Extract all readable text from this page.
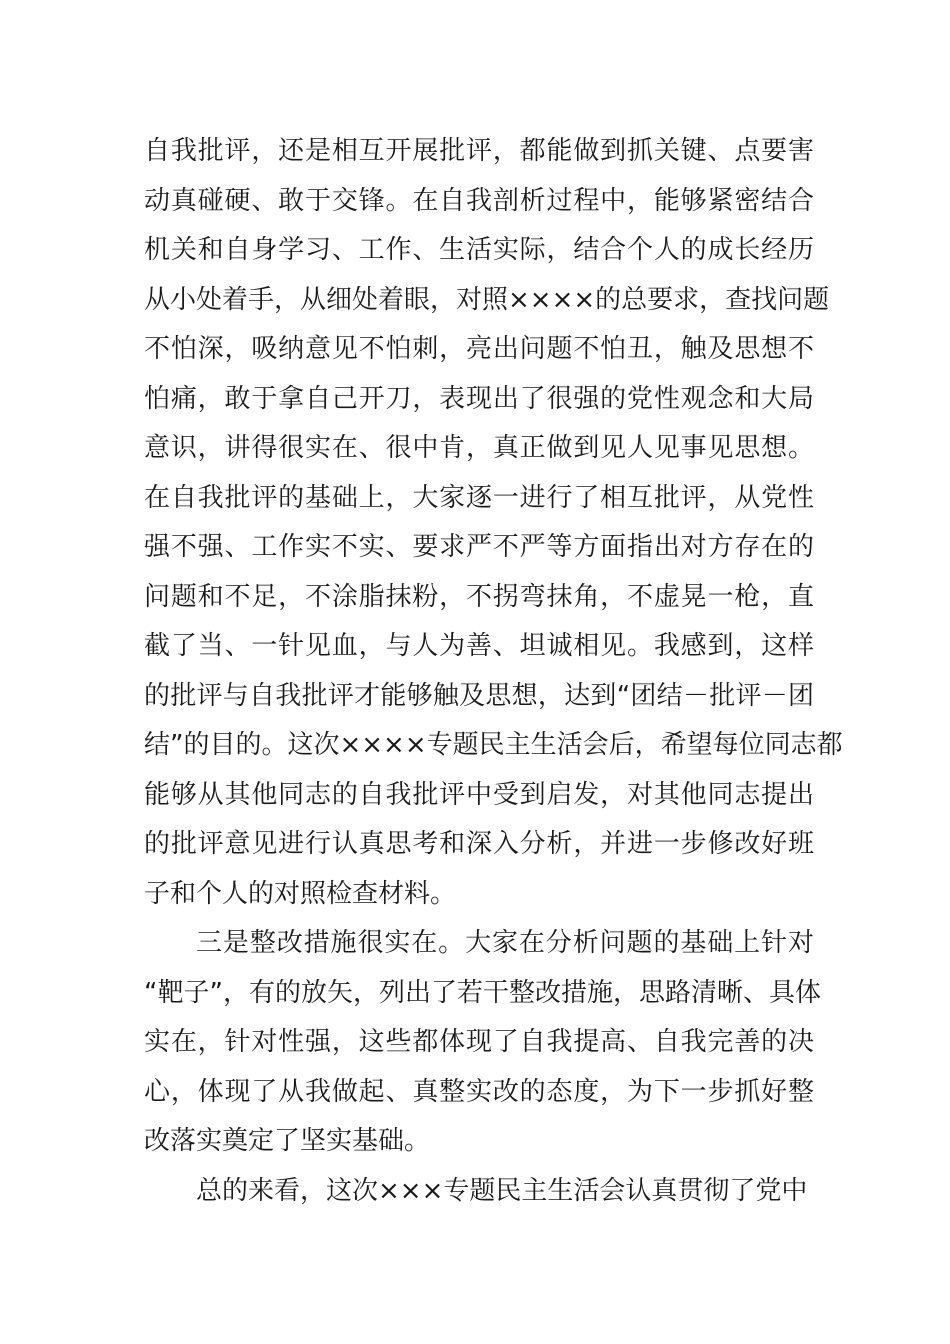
自我批评，还是相互开展批评，都能做到抓关键、点要害
动真碰硬、敢于交锋。在自我剖析过程中，能够紧密结合
机关和自身学习、工作、生活实际，结合个人的成长经历
从小处着手，从细处着眼，对照××××的总要求，查找问题
不怕深，吸纳意见不怕刺，亮出问题不怕丑，触及思想不
怕痛，敢于拿自己开刀，表现出了很强的党性观念和大局
意识，讲得很实在、很中肯，真正做到见人见事见思想。
在自我批评的基础上，大家逐一进行了相互批评，从党性
强不强、工作实不实、要求严不严等方面指出对方存在的
问题和不足，不涂脂抹粉，不拐弯抹角，不虚晃一枪，直
截了当、一针见血，与人为善、坦诚相见。我感到，这样
的批评与自我批评才能够触及思想，达到“团结－批评－团
结”的目的。这次××××专题民主生活会后，希望每位同志都
能够从其他同志的自我批评中受到启发，对其他同志提出
的批评意见进行认真思考和深入分析，并进一步修改好班
子和个人的对照检查材料。
三是整改措施很实在。大家在分析问题的基础上针对
“靶子”，有的放矢，列出了若干整改措施，思路清晰、具体
实在，针对性强，这些都体现了自我提高、自我完善的决
心，体现了从我做起、真整实改的态度，为下一步抓好整
改落实奠定了坚实基础。
总的来看，这次×××专题民主生活会认真贯彻了党中
